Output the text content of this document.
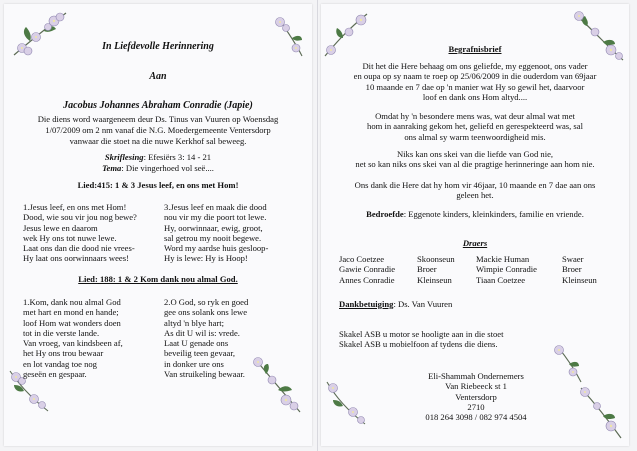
In Liefdevolle Herinnering
Aan
Jacobus Johannes Abraham Conradie (Japie)
Die diens word waargeneem deur Ds. Tinus van Vuuren op Woensdag
1/07/2009 om 2 nm vanaf die N.G. Moedergemeente Ventersdorp
vanwaar die stoet na die nuwe Kerkhof sal beweeg.
Skriflesing: Efesiërs 3: 14 - 21
Tema: Die vingerhoed vol seë....
Lied:415: 1 & 3 Jesus leef, en ons met Hom!
1.Jesus leef, en ons met Hom!
Dood, wie sou vir jou nog bewe?
Jesus lewe en daarom
wek Hy ons tot nuwe lewe.
Laat ons dan die dood nie vrees-
Hy laat ons oorwinnaars wees!
3.Jesus leef en maak die dood
nou vir my die poort tot lewe.
Hy, oorwinnaar, ewig, groot,
sal getrou my nooit begewe.
Word my aardse huis gesloop-
Hy is lewe: Hy is Hoop!
Lied: 188: 1 & 2 Kom dank nou almal God.
1.Kom, dank nou almal God
met hart en mond en hande;
loof Hom wat wonders doen
tot in die verste lande.
Van vroeg, van kindsbeen af,
het Hy ons trou bewaar
en lot vandag toe nog
geseën en gespaar.
2.O God, so ryk en goed
gee ons solank ons lewe
altyd 'n blye hart;
As dit U wil is: vrede.
Laat U genade ons
beveilig teen gevaar,
in donker ure ons
Van struikeling bewaar.
Begrafnisbrief
Dit het die Here behaag om ons geliefde, my eggenoot, ons vader
en oupa op sy naam te roep op 25/06/2009 in die ouderdom van 69jaar
10 maande en 7 dae op 'n manier wat Hy so gewil het, daarvoor
loof en dank ons Hom altyd....
Omdat hy 'n besondere mens was, wat deur almal wat met
hom in aanraking gekom het, geliefd en gerespekteerd was, sal
ons almal sy warm teenwoordigheid mis.
Niks kan ons skei van die liefde van God nie,
net so kan niks ons skei van al die pragtige herinneringe aan hom nie.
Ons dank die Here dat hy hom vir 46jaar, 10 maande en 7 dae aan ons
geleen het.
Bedroefde: Eggenote kinders, kleinkinders, familie en vriende.
Draers
Jaco Coetzee
Gawie Conradie
Annes Conradie
Skoonseun
Broer
Kleinseun
Mackie Human
Wimpie Conradie
Tiaan Coetzee
Swaer
Broer
Kleinseun
Dankbetuiging: Ds. Van Vuuren
Skakel ASB u motor se hooligte aan in die stoet
Skakel ASB u mobielfoon af tydens die diens.
Eli-Shammah Ondernemers
Van Riebeeck st 1
Ventersdorp
2710
018 264 3098 / 082 974 4504
